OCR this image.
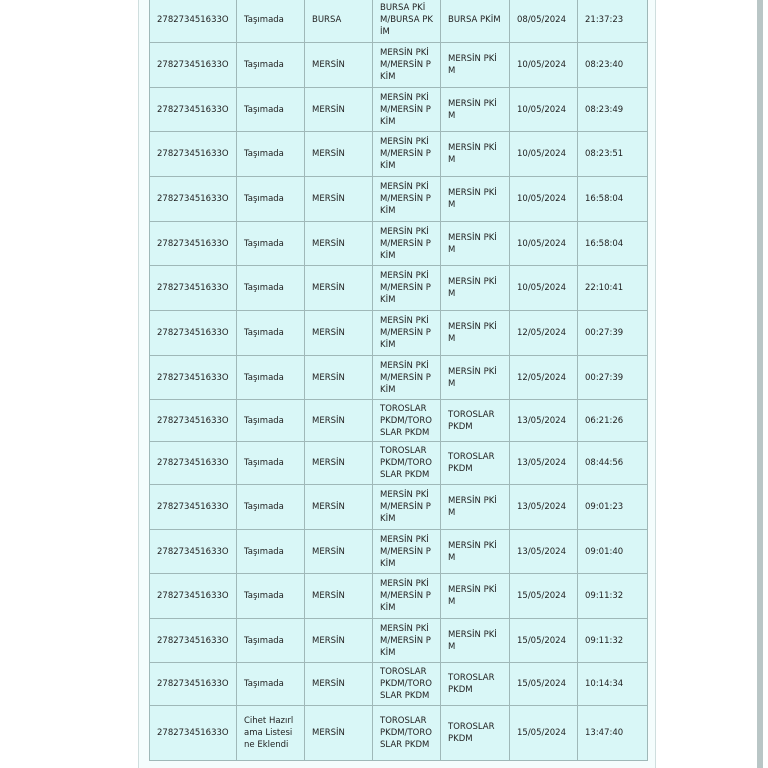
278273451633O	Taşımada	BURSA	BURSA PKİM/BURSA PKİM	BURSA PKİM	08/05/2024	21:37:23
278273451633O	Taşımada	MERSİN	MERSİN PKİM/MERSİN PKİM	MERSİN PKİM	10/05/2024	08:23:40
278273451633O	Taşımada	MERSİN	MERSİN PKİM/MERSİN PKİM	MERSİN PKİM	10/05/2024	08:23:49
278273451633O	Taşımada	MERSİN	MERSİN PKİM/MERSİN PKİM	MERSİN PKİM	10/05/2024	08:23:51
278273451633O	Taşımada	MERSİN	MERSİN PKİM/MERSİN PKİM	MERSİN PKİM	10/05/2024	16:58:04
278273451633O	Taşımada	MERSİN	MERSİN PKİM/MERSİN PKİM	MERSİN PKİM	10/05/2024	16:58:04
278273451633O	Taşımada	MERSİN	MERSİN PKİM/MERSİN PKİM	MERSİN PKİM	10/05/2024	22:10:41
278273451633O	Taşımada	MERSİN	MERSİN PKİM/MERSİN PKİM	MERSİN PKİM	12/05/2024	00:27:39
278273451633O	Taşımada	MERSİN	MERSİN PKİM/MERSİN PKİM	MERSİN PKİM	12/05/2024	00:27:39
278273451633O	Taşımada	MERSİN	TOROSLAR PKDM/TOROSLAR PKDM	TOROSLAR PKDM	13/05/2024	06:21:26
278273451633O	Taşımada	MERSİN	TOROSLAR PKDM/TOROSLAR PKDM	TOROSLAR PKDM	13/05/2024	08:44:56
278273451633O	Taşımada	MERSİN	MERSİN PKİM/MERSİN PKİM	MERSİN PKİM	13/05/2024	09:01:23
278273451633O	Taşımada	MERSİN	MERSİN PKİM/MERSİN PKİM	MERSİN PKİM	13/05/2024	09:01:40
278273451633O	Taşımada	MERSİN	MERSİN PKİM/MERSİN PKİM	MERSİN PKİM	15/05/2024	09:11:32
278273451633O	Taşımada	MERSİN	MERSİN PKİM/MERSİN PKİM	MERSİN PKİM	15/05/2024	09:11:32
278273451633O	Taşımada	MERSİN	TOROSLAR PKDM/TOROSLAR PKDM	TOROSLAR PKDM	15/05/2024	10:14:34
278273451633O	Cihet Hazırlama Listesine Eklendi	MERSİN	TOROSLAR PKDM/TOROSLAR PKDM	TOROSLAR PKDM	15/05/2024	13:47:40
